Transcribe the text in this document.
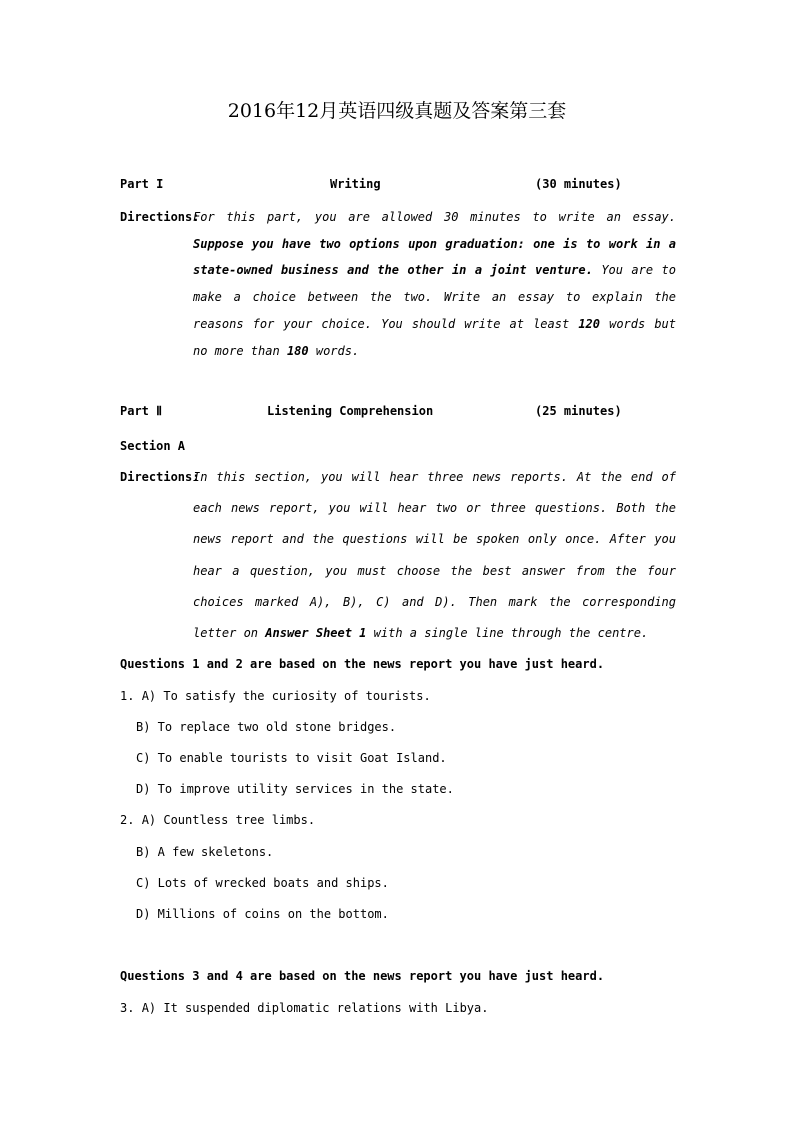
2016年12月英语四级真题及答案第三套
Part I	Writing	(30 minutes)
Directions:

For this part, you are allowed 30 minutes to write an essay. Suppose you have two options upon graduation: one is to work in a state-owned business and the other in a joint venture. You are to make a choice between the two. Write an essay to explain the reasons for your choice. You should write at least 120 words but no more than 180 words.

Part Ⅱ	Listening Comprehension	(25 minutes)
Section A
Directions:

In this section, you will hear three news reports. At the end of each news report, you will hear two or three questions. Both the news report and the questions will be spoken only once. After you hear a question, you must choose the best answer from the four choices marked A), B), C) and D). Then mark the corresponding letter on Answer Sheet 1 with a single line through the centre.

Questions 1 and 2 are based on the news report you have just heard.
1. A) To satisfy the curiosity of tourists.
B) To replace two old stone bridges.
C) To enable tourists to visit Goat Island.
D) To improve utility services in the state.
2. A) Countless tree limbs.
B) A few skeletons.
C) Lots of wrecked boats and ships.
D) Millions of coins on the bottom.
Questions 3 and 4 are based on the news report you have just heard.
3. A) It suspended diplomatic relations with Libya.
